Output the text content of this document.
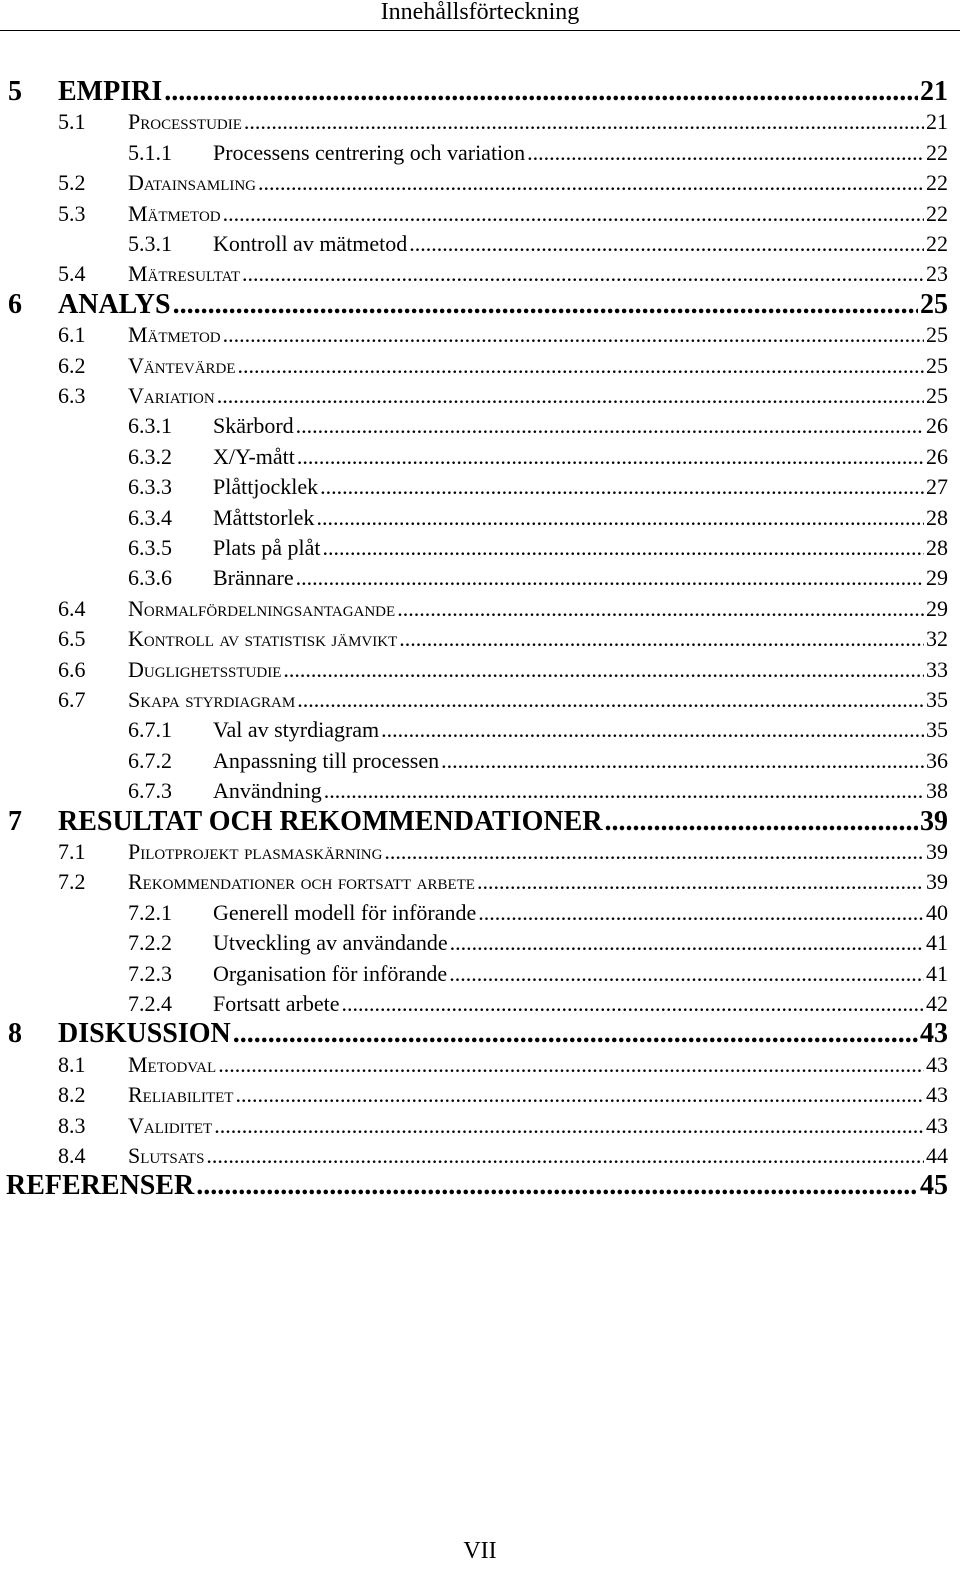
Innehållsförteckning
5 EMPIRI .....	21
5.1 Processtudie .....	21
5.1.1 Processens centrering och variation .....	22
5.2 Datainsamling .....	22
5.3 Mätmetod .....	22
5.3.1 Kontroll av mätmetod .....	22
5.4 Mätresultat .....	23
6 ANALYS .....	25
6.1 Mätmetod .....	25
6.2 Väntevärde .....	25
6.3 Variation .....	25
6.3.1 Skärbord .....	26
6.3.2 X/Y-mått .....	26
6.3.3 Plåttjocklek .....	27
6.3.4 Måttstorlek .....	28
6.3.5 Plats på plåt .....	28
6.3.6 Brännare .....	29
6.4 Normalfördelningsantagande .....	29
6.5 Kontroll av statistisk jämvikt .....	32
6.6 Duglighetsstudie .....	33
6.7 Skapa styrdiagram .....	35
6.7.1 Val av styrdiagram .....	35
6.7.2 Anpassning till processen .....	36
6.7.3 Användning .....	38
7 RESULTAT OCH REKOMMENDATIONER .....	39
7.1 Pilotprojekt plasmaskärning .....	39
7.2 Rekommendationer och fortsatt arbete .....	39
7.2.1 Generell modell för införande .....	40
7.2.2 Utveckling av användande .....	41
7.2.3 Organisation för införande .....	41
7.2.4 Fortsatt arbete .....	42
8 DISKUSSION .....	43
8.1 Metodval .....	43
8.2 Reliabilitet .....	43
8.3 Validitet .....	43
8.4 Slutsats .....	44
REFERENSER .....	45
VII
